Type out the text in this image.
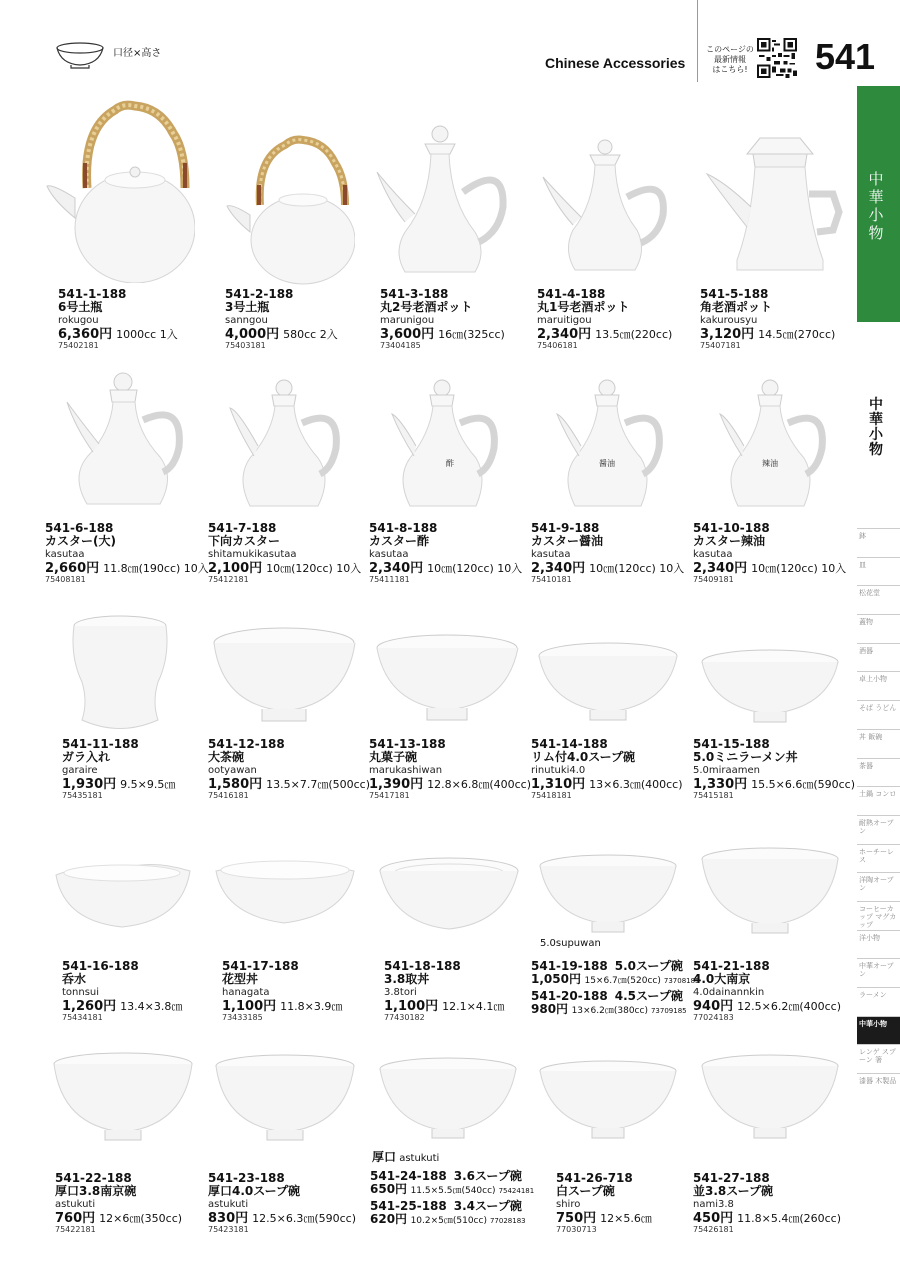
口径×高さ
Chinese Accessories
このページの
最新情報
はこちら! 541
中
華
小
物
中
華
小
物
鉢
皿
松花堂
蓋物
酒器
卓上小物
そば うどん
丼 飯碗
茶器
土鍋 コンロ
耐熱オーブン
ホーチーレス
洋陶オーブン
コーヒーカップ マグカップ
洋小物
中華オーブン
ラーメン
中華小物
レンゲ スプーン 箸
漆器 木製品
酢	醤油	辣油
541-1-188
6号土瓶
rokugou
6,360円 1000cc 1入
75402181
541-2-188
3号土瓶
sanngou
4,000円 580cc 2入
75403181
541-3-188
丸2号老酒ポット
marunigou
3,600円 16㎝(325cc)
73404185
541-4-188
丸1号老酒ポット
maruitigou
2,340円 13.5㎝(220cc)
75406181
541-5-188
角老酒ポット
kakurousyu
3,120円 14.5㎝(270cc)
75407181
541-6-188
カスター(大)
kasutaa
2,660円 11.8㎝(190cc) 10入
75408181
541-7-188
下向カスター
shitamukikasutaa
2,100円 10㎝(120cc) 10入
75412181
541-8-188
カスター酢
kasutaa
2,340円 10㎝(120cc) 10入
75411181
541-9-188
カスター醤油
kasutaa
2,340円 10㎝(120cc) 10入
75410181
541-10-188
カスター辣油
kasutaa
2,340円 10㎝(120cc) 10入
75409181
541-11-188
ガラ入れ
garaire
1,930円 9.5×9.5㎝
75435181
541-12-188
大茶碗
ootyawan
1,580円 13.5×7.7㎝(500cc)
75416181
541-13-188
丸菓子碗
marukashiwan
1,390円 12.8×6.8㎝(400cc)
75417181
541-14-188
リム付4.0スープ碗
rinutuki4.0
1,310円 13×6.3㎝(400cc)
75418181
541-15-188
5.0ミニラーメン丼
5.0miraamen
1,330円 15.5×6.6㎝(590cc)
75415181
541-16-188
呑水
tonnsui
1,260円 13.4×3.8㎝
75434181
541-17-188
花型丼
hanagata
1,100円 11.8×3.9㎝
73433185
541-18-188
3.8取丼
3.8tori
1,100円 12.1×4.1㎝
77430182
541-21-188
4.0大南京
4.0dainannkin
940円 12.5×6.2㎝(400cc)
77024183
541-22-188
厚口3.8南京碗
astukuti
760円 12×6㎝(350cc)
75422181
541-23-188
厚口4.0スープ碗
astukuti
830円 12.5×6.3㎝(590cc)
75423181
541-26-718
白スープ碗
shiro
750円 12×5.6㎝
77030713
541-27-188
並3.8スープ碗
nami3.8
450円 11.8×5.4㎝(260cc)
75426181
5.0supuwan
541-19-188 5.0スープ碗
1,050円 15×6.7㎝(520cc) 73708185
541-20-188 4.5スープ碗
980円 13×6.2㎝(380cc) 73709185
厚口 astukuti
541-24-188 3.6スープ碗
650円 11.5×5.5㎝(540cc) 75424181
541-25-188 3.4スープ碗
620円 10.2×5㎝(510cc) 77028183
